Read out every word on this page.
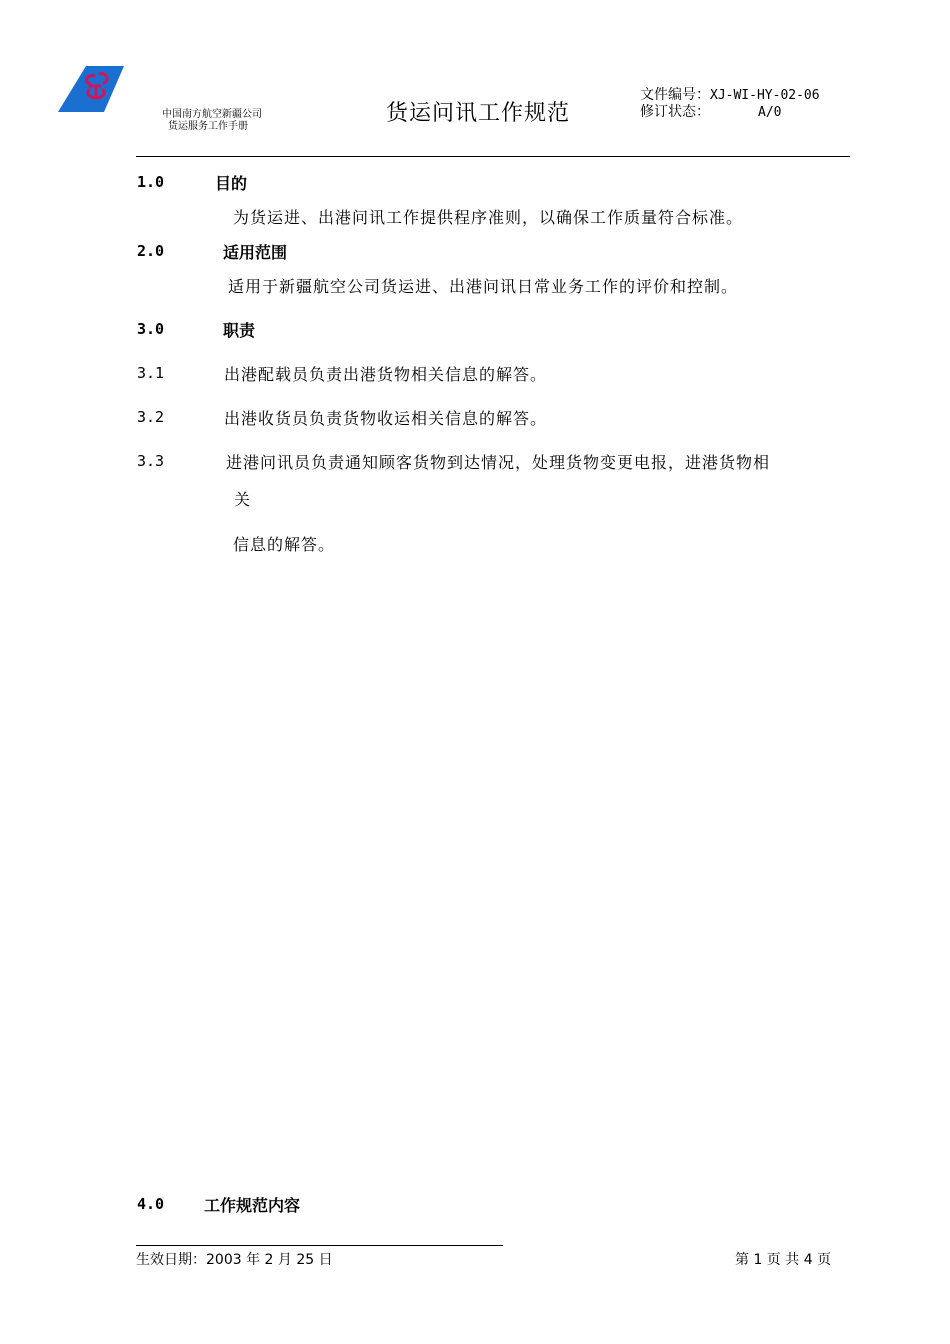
中国南方航空新疆公司
货运服务工作手册
货运问讯工作规范
文件编号：XJ-WI-HY-02-06
修订状态：	A/0
1.0	目的
为货运进、出港问讯工作提供程序准则，以确保工作质量符合标准。
2.0	适用范围
适用于新疆航空公司货运进、出港问讯日常业务工作的评价和控制。
3.0	职责
3.1	出港配载员负责出港货物相关信息的解答。
3.2	出港收货员负责货物收运相关信息的解答。
3.3	进港问讯员负责通知顾客货物到达情况，处理货物变更电报，进港货物相
关
信息的解答。
4.0 工作规范内容
生效日期：2003 年 2 月 25 日	第 1 页 共 4 页
